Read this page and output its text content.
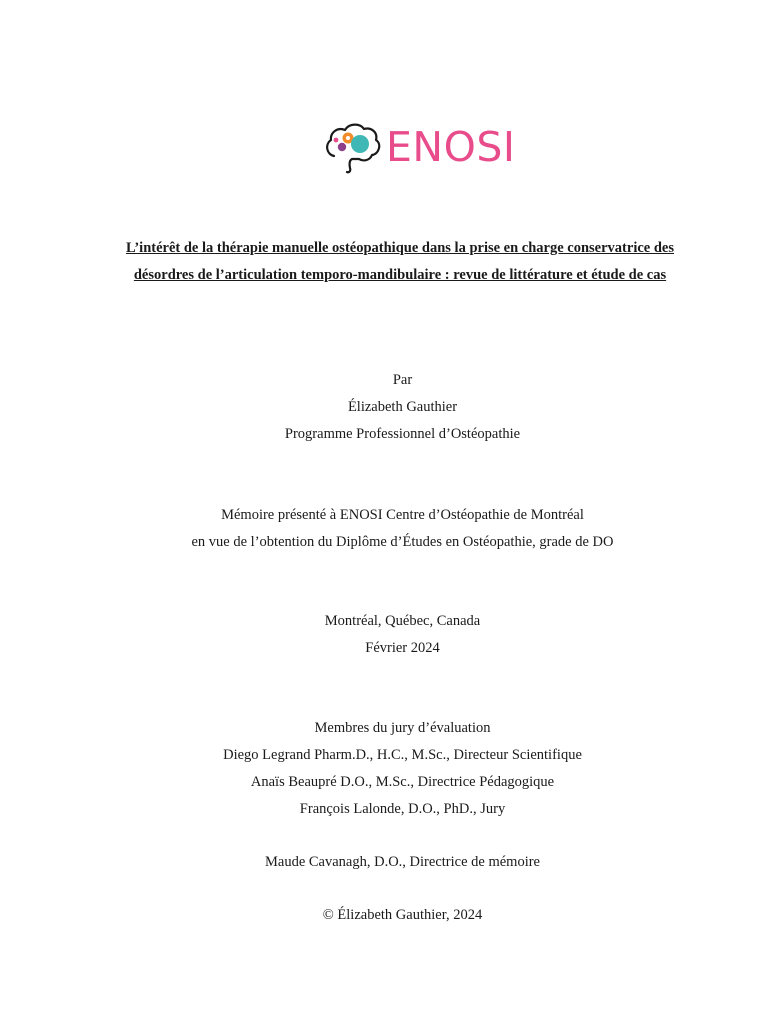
ENOSI
L’intérêt de la thérapie manuelle ostéopathique dans la prise en charge conservatrice des désordres de l’articulation temporo-mandibulaire : revue de littérature et étude de cas
Par
Élizabeth Gauthier
Programme Professionnel d’Ostéopathie
Mémoire présenté à ENOSI Centre d’Ostéopathie de Montréal
en vue de l’obtention du Diplôme d’Études en Ostéopathie, grade de DO
Montréal, Québec, Canada
Février 2024
Membres du jury d’évaluation
Diego Legrand Pharm.D., H.C., M.Sc., Directeur Scientifique
Anaïs Beaupré D.O., M.Sc., Directrice Pédagogique
François Lalonde, D.O., PhD., Jury
Maude Cavanagh, D.O., Directrice de mémoire
© Élizabeth Gauthier, 2024
